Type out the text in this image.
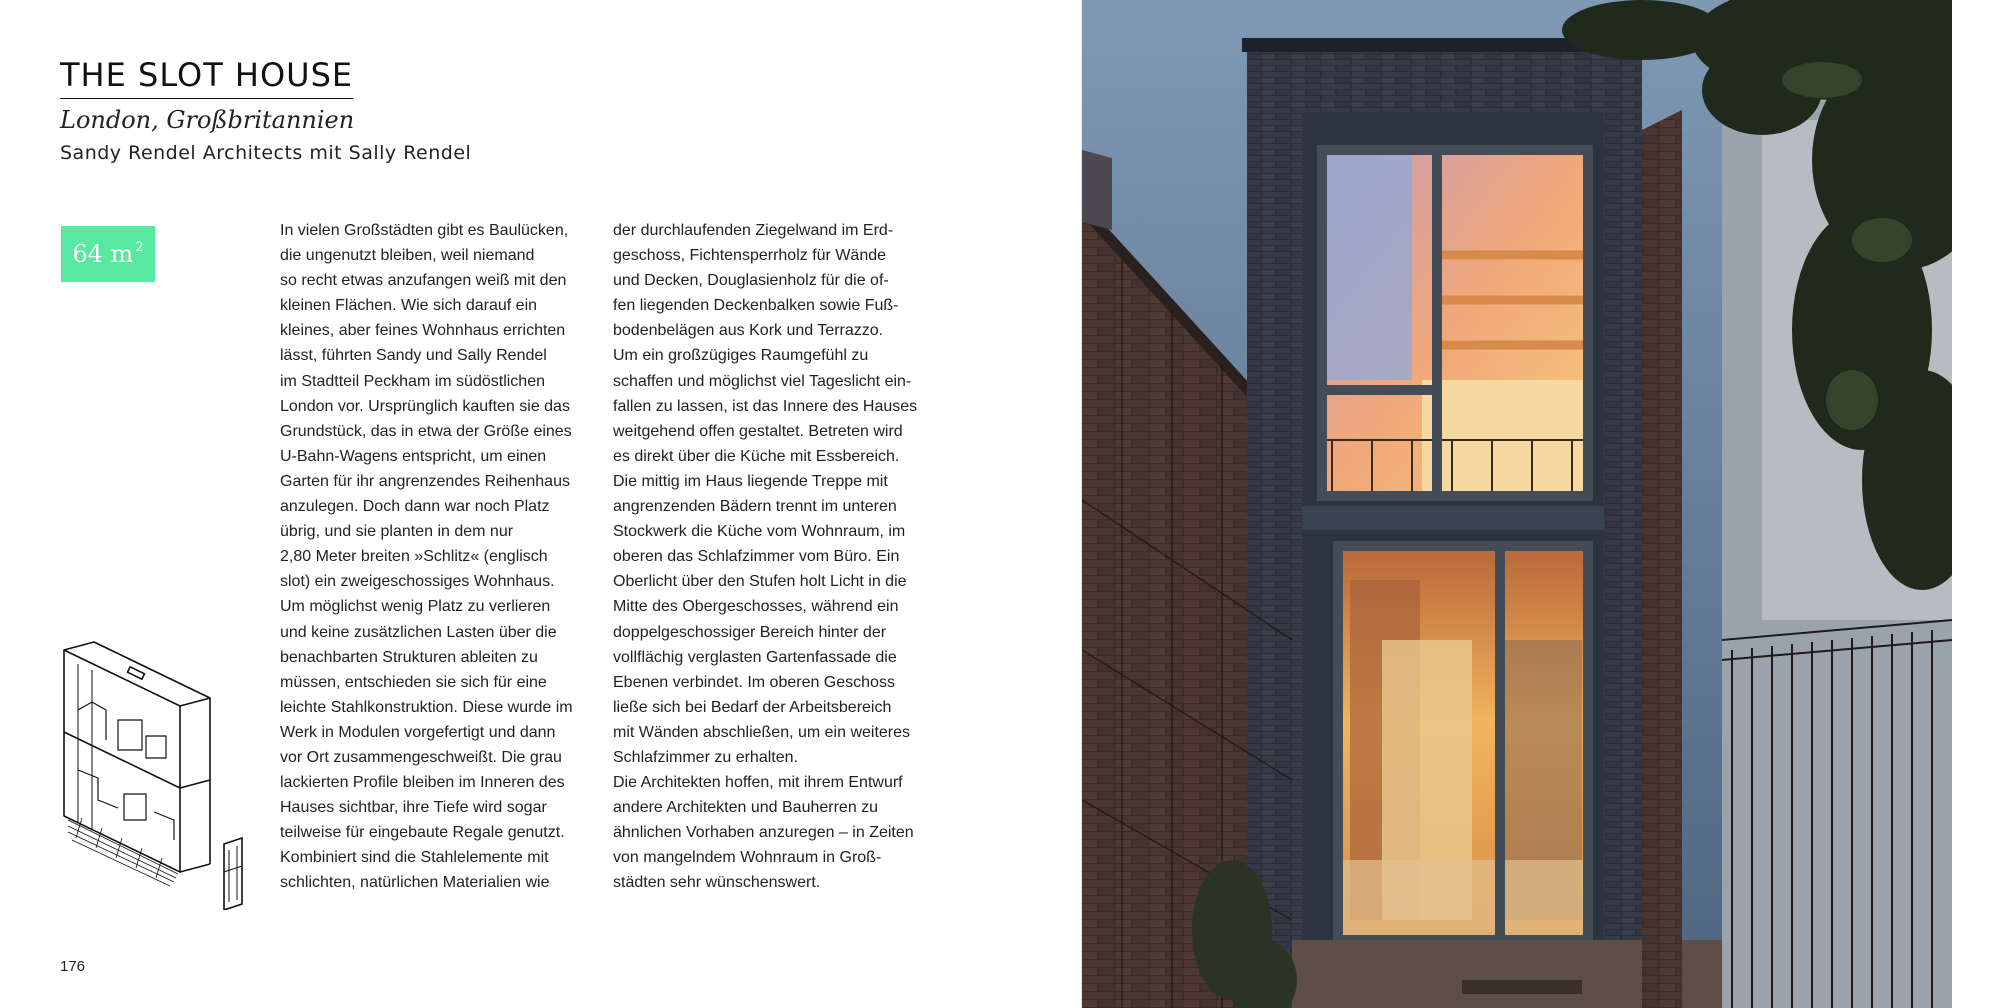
THE SLOT HOUSE
London, Großbritannien
Sandy Rendel Architects mit Sally Rendel
64 $m^2$

In vielen Großstädten gibt es Baulücken,

die ungenutzt bleiben, weil niemand

so recht etwas anzufangen weiß mit den

kleinen Flächen. Wie sich darauf ein

kleines, aber feines Wohnhaus errichten

lässt, führten Sandy und Sally Rendel

im Stadtteil Peckham im südöstlichen

London vor. Ursprünglich kauften sie das

Grundstück, das in etwa der Größe eines

U-Bahn-Wagens entspricht, um einen

Garten für ihr angrenzendes Reihenhaus

anzulegen. Doch dann war noch Platz

übrig, und sie planten in dem nur

2,80 Meter breiten »Schlitz« (englisch

slot) ein zweigeschossiges Wohnhaus.

Um möglichst wenig Platz zu verlieren

und keine zusätzlichen Lasten über die

benachbarten Strukturen ableiten zu

müssen, entschieden sie sich für eine

leichte Stahlkonstruktion. Diese wurde im

Werk in Modulen vorgefertigt und dann

vor Ort zusammengeschweißt. Die grau

lackierten Profile bleiben im Inneren des

Hauses sichtbar, ihre Tiefe wird sogar

teilweise für eingebaute Regale genutzt.

Kombiniert sind die Stahlelemente mit

schlichten, natürlichen Materialien wie

der durchlaufenden Ziegelwand im Erd-

geschoss, Fichtensperrholz für Wände

und Decken, Douglasienholz für die of-

fen liegenden Deckenbalken sowie Fuß-

bodenbelägen aus Kork und Terrazzo.

Um ein großzügiges Raumgefühl zu

schaffen und möglichst viel Tageslicht ein-

fallen zu lassen, ist das Innere des Hauses

weitgehend offen gestaltet. Betreten wird

es direkt über die Küche mit Essbereich.

Die mittig im Haus liegende Treppe mit

angrenzenden Bädern trennt im unteren

Stockwerk die Küche vom Wohnraum, im

oberen das Schlafzimmer vom Büro. Ein

Oberlicht über den Stufen holt Licht in die

Mitte des Obergeschosses, während ein

doppelgeschossiger Bereich hinter der

vollflächig verglasten Gartenfassade die

Ebenen verbindet. Im oberen Geschoss

ließe sich bei Bedarf der Arbeitsbereich

mit Wänden abschließen, um ein weiteres

Schlafzimmer zu erhalten.

Die Architekten hoffen, mit ihrem Entwurf

andere Architekten und Bauherren zu

ähnlichen Vorhaben anzuregen – in Zeiten

von mangelndem Wohnraum in Groß-

städten sehr wünschenswert.

176
